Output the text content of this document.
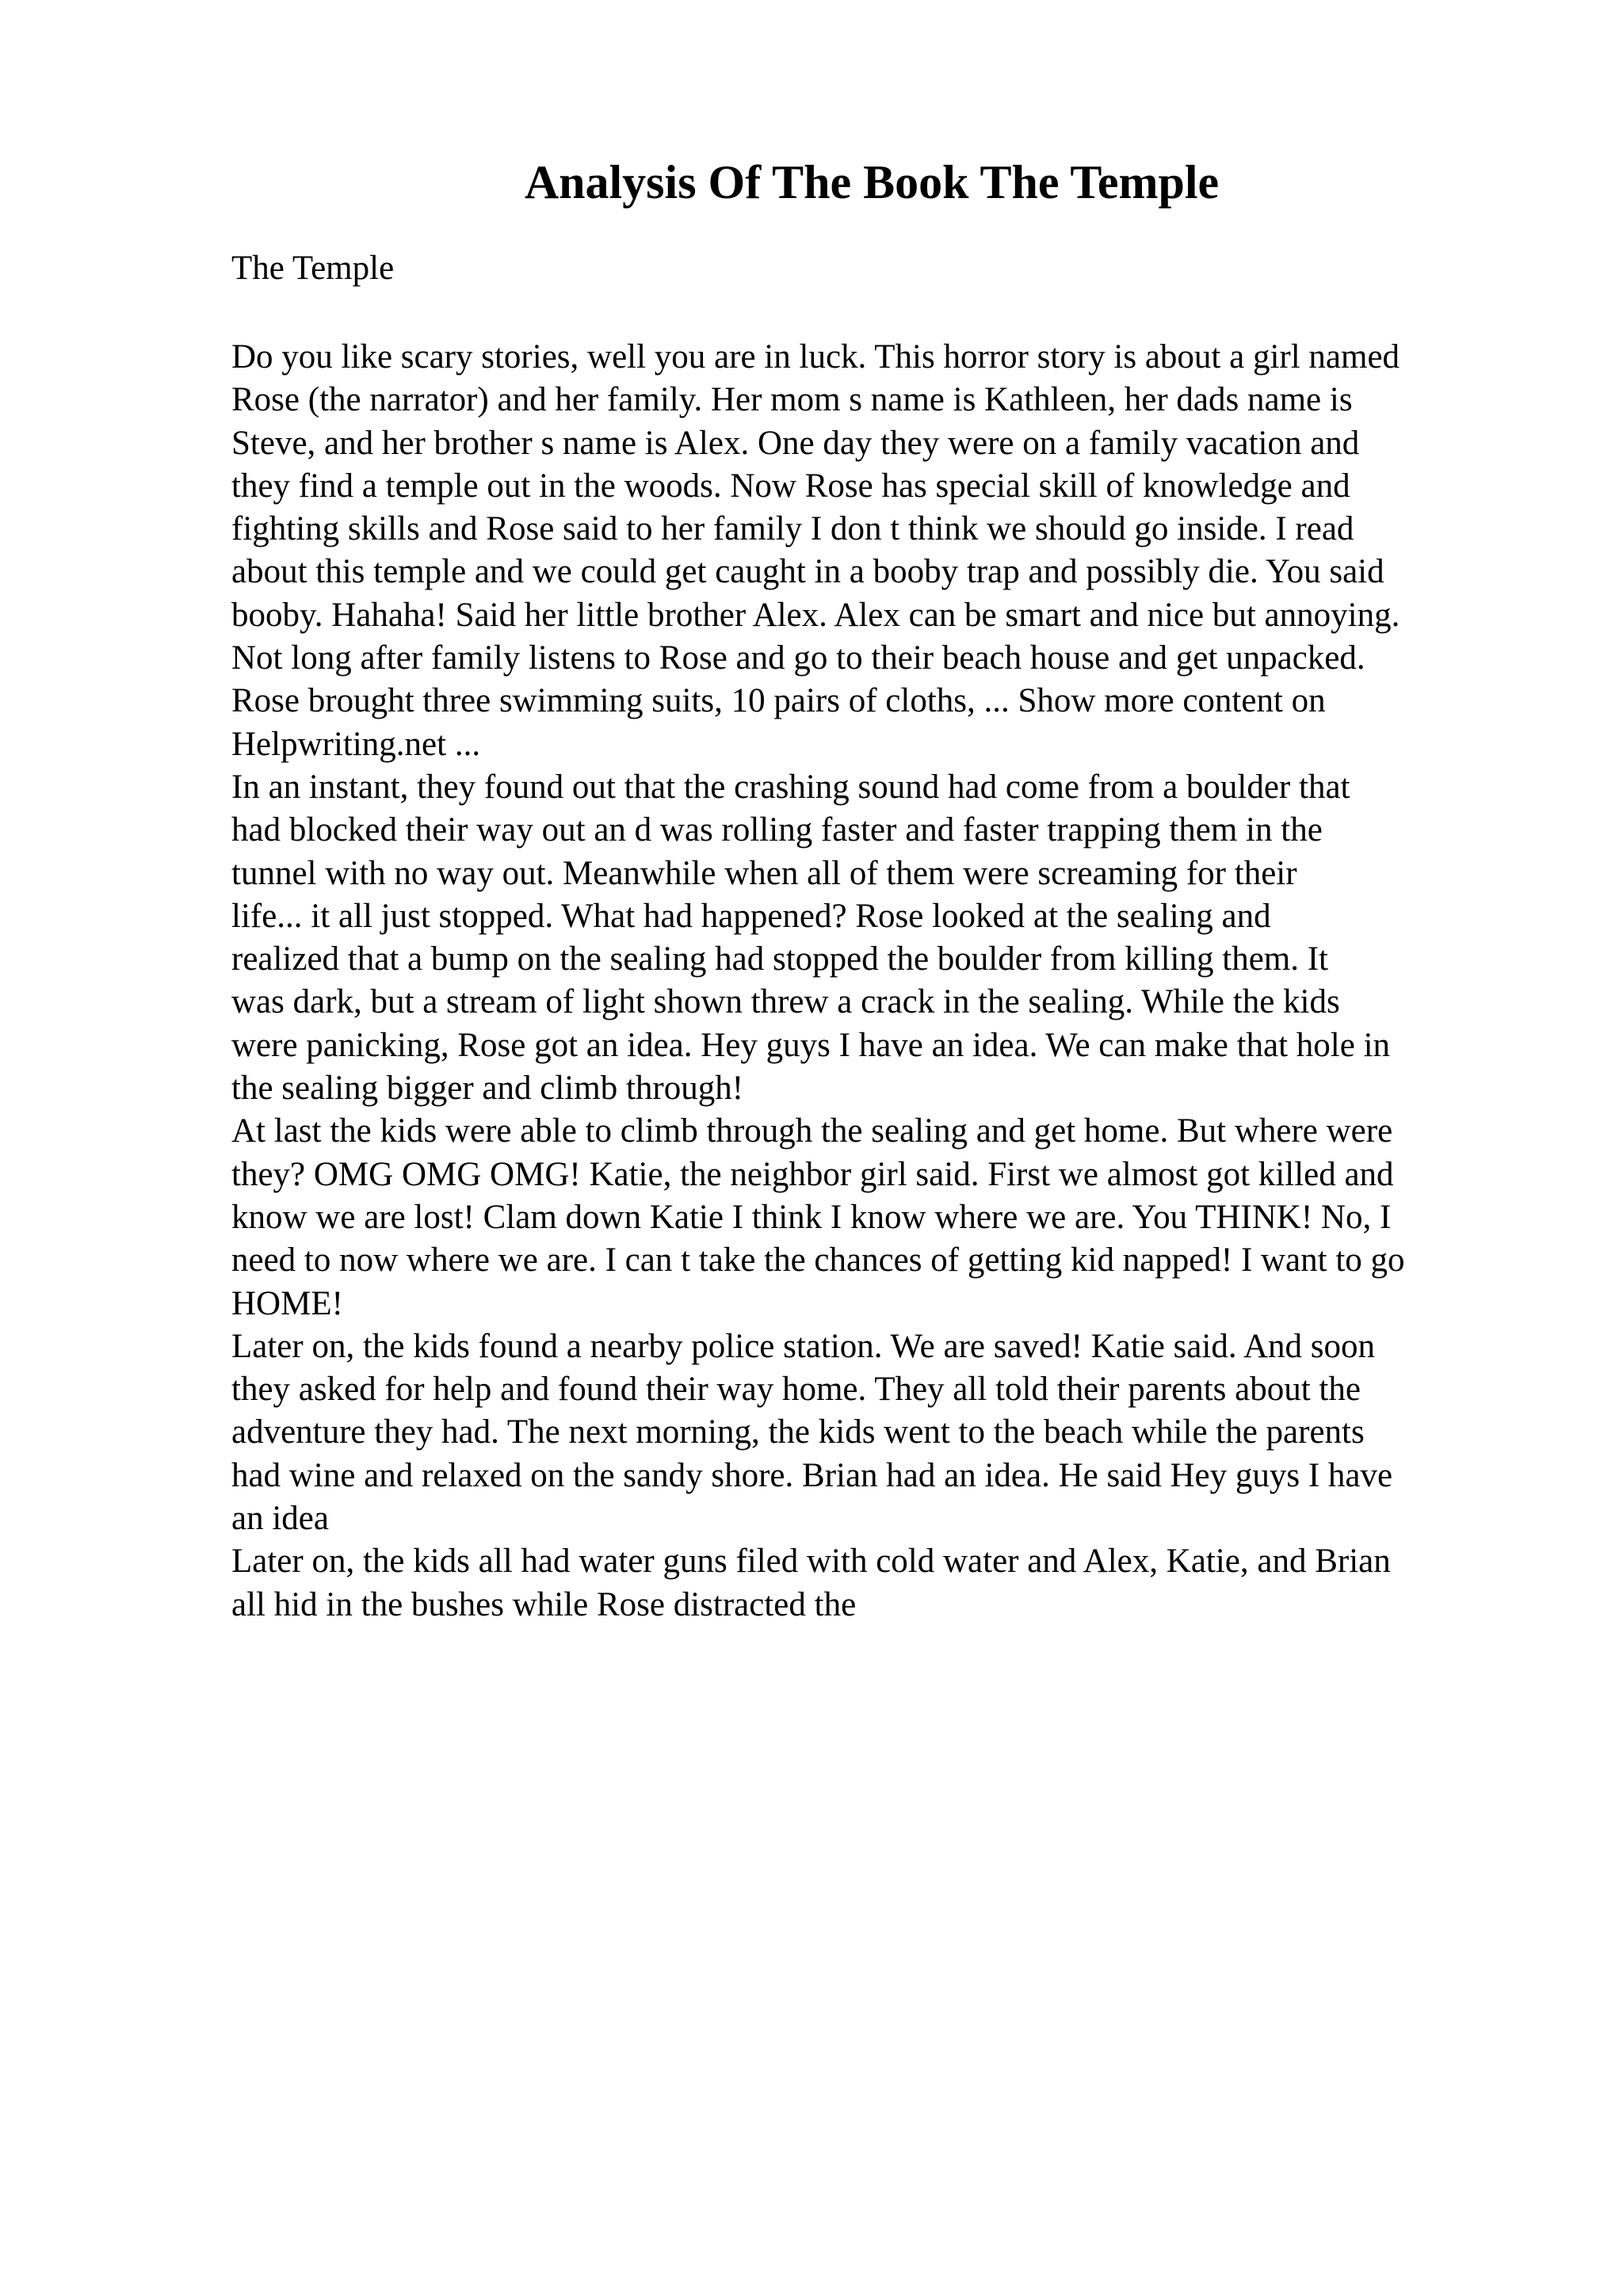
Analysis Of The Book The Temple
The Temple
Do you like scary stories, well you are in luck. This horror story is about a girl named
Rose (the narrator) and her family. Her mom s name is Kathleen, her dads name is
Steve, and her brother s name is Alex. One day they were on a family vacation and
they find a temple out in the woods. Now Rose has special skill of knowledge and
fighting skills and Rose said to her family I don t think we should go inside. I read
about this temple and we could get caught in a booby trap and possibly die. You said
booby. Hahaha! Said her little brother Alex. Alex can be smart and nice but annoying.
Not long after family listens to Rose and go to their beach house and get unpacked.
Rose brought three swimming suits, 10 pairs of cloths, ... Show more content on
Helpwriting.net ...
In an instant, they found out that the crashing sound had come from a boulder that
had blocked their way out an d was rolling faster and faster trapping them in the
tunnel with no way out. Meanwhile when all of them were screaming for their
life... it all just stopped. What had happened? Rose looked at the sealing and
realized that a bump on the sealing had stopped the boulder from killing them. It
was dark, but a stream of light shown threw a crack in the sealing. While the kids
were panicking, Rose got an idea. Hey guys I have an idea. We can make that hole in
the sealing bigger and climb through!
At last the kids were able to climb through the sealing and get home. But where were
they? OMG OMG OMG! Katie, the neighbor girl said. First we almost got killed and
know we are lost! Clam down Katie I think I know where we are. You THINK! No, I
need to now where we are. I can t take the chances of getting kid napped! I want to go
HOME!
Later on, the kids found a nearby police station. We are saved! Katie said. And soon
they asked for help and found their way home. They all told their parents about the
adventure they had. The next morning, the kids went to the beach while the parents
had wine and relaxed on the sandy shore. Brian had an idea. He said Hey guys I have
an idea
Later on, the kids all had water guns filed with cold water and Alex, Katie, and Brian
all hid in the bushes while Rose distracted the
